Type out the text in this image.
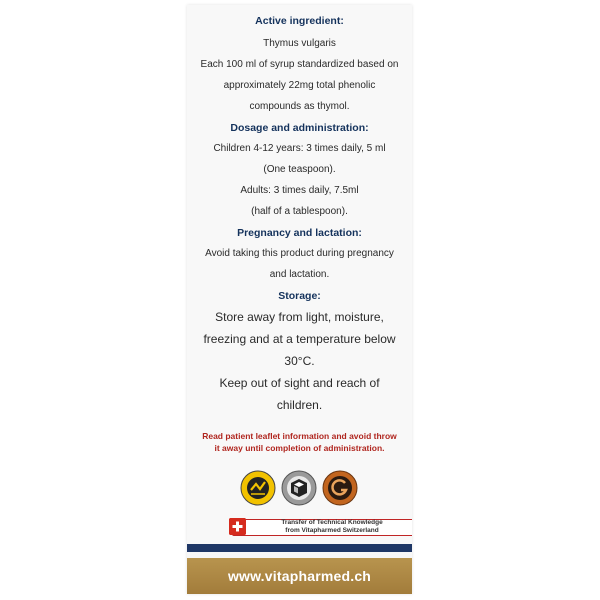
Active ingredient:
Thymus vulgaris
Each 100 ml of syrup standardized based on
approximately 22mg total phenolic
compounds as thymol.
Dosage and administration:
Children 4-12 years: 3 times daily, 5 ml
(One teaspoon).
Adults: 3 times daily, 7.5ml
(half of a tablespoon).
Pregnancy and lactation:
Avoid taking this product during pregnancy
and lactation.
Storage:
Store away from light, moisture,
freezing and at a temperature below
30°C.
Keep out of sight and reach of children.
Read patient leaflet information and avoid throw
it away until completion of administration.
Transfer of Technical Knowledge
from Vitapharmed Switzerland
www.vitapharmed.ch
